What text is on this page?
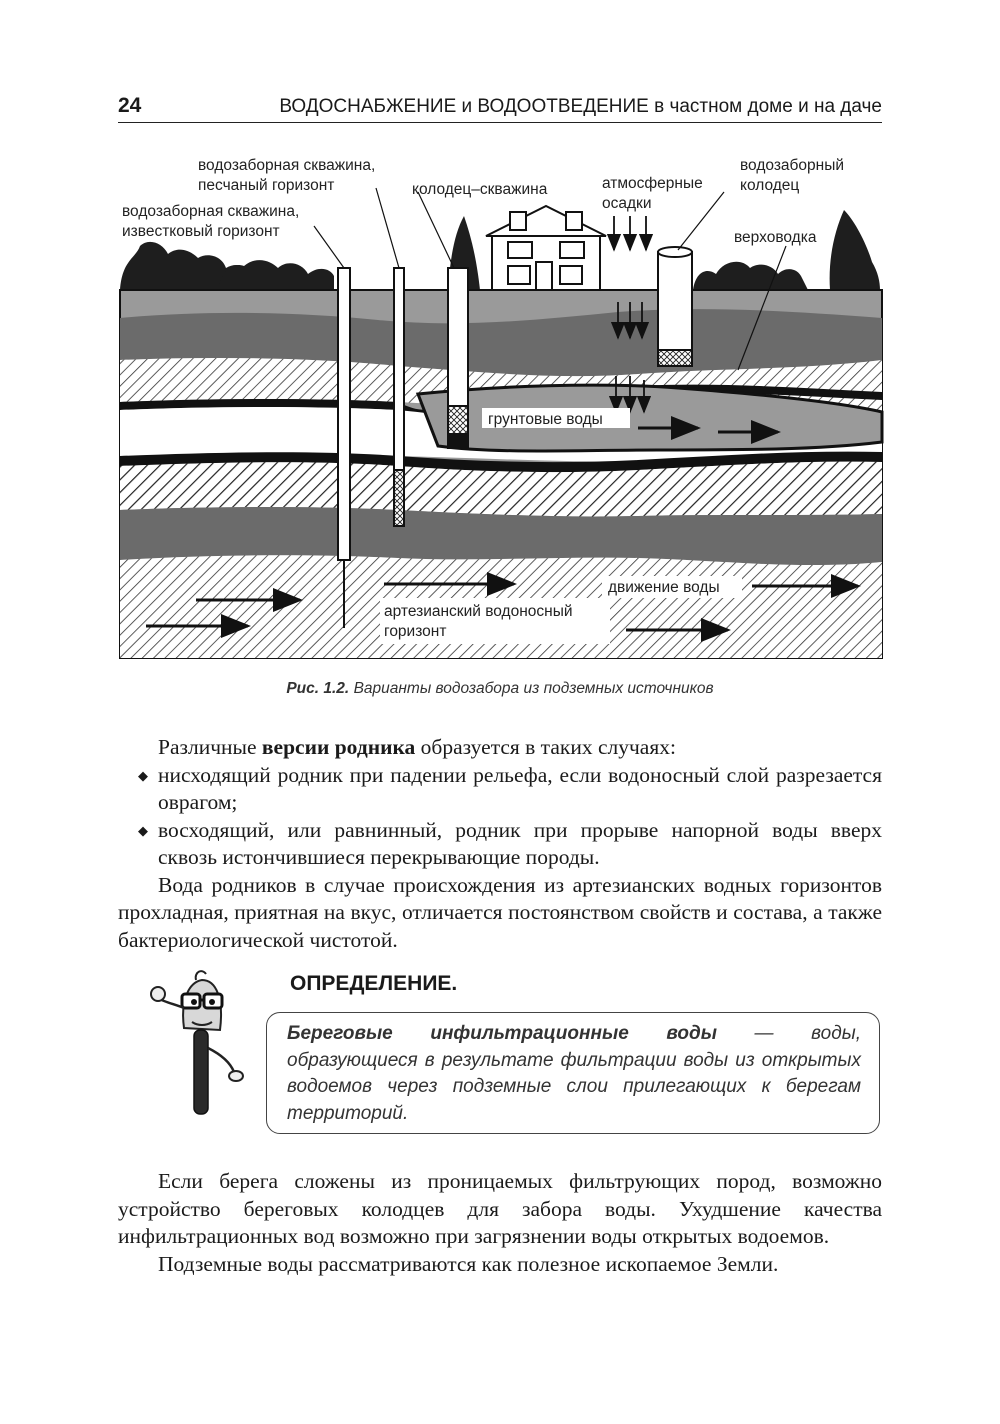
24	ВОДОСНАБЖЕНИЕ и ВОДООТВЕДЕНИЕ в частном доме и на даче
водозаборная скважина,
песчаный горизонт
водозаборная скважина,
известковый горизонт
колодец–скважина	атмосферные
осадки
водозаборный
колодец
верховодка
грунтовые воды
движение воды
артезианский водоносный
горизонт
Рис. 1.2. Варианты водозабора из подземных источников
Различные версии родника образуется в таких случаях:
◆ нисходящий родник при падении рельефа, если водоносный слой разрезается оврагом;
◆ восходящий, или равнинный, родник при прорыве напорной воды вверх сквозь истончившиеся перекрывающие породы.
Вода родников в случае происхождения из артезианских водных горизонтов прохладная, приятная на вкус, отличается постоянством свойств и состава, а также бактериологической чистотой.
ОПРЕДЕЛЕНИЕ.
Береговые инфильтрационные воды — воды, образующиеся в результате фильтрации воды из открытых водоемов через подземные слои прилегающих к берегам территорий.
Если берега сложены из проницаемых фильтрующих пород, возможно устройство береговых колодцев для забора воды. Ухудшение качества инфильтрационных вод возможно при загрязнении воды открытых водоемов.
Подземные воды рассматриваются как полезное ископаемое Земли.
